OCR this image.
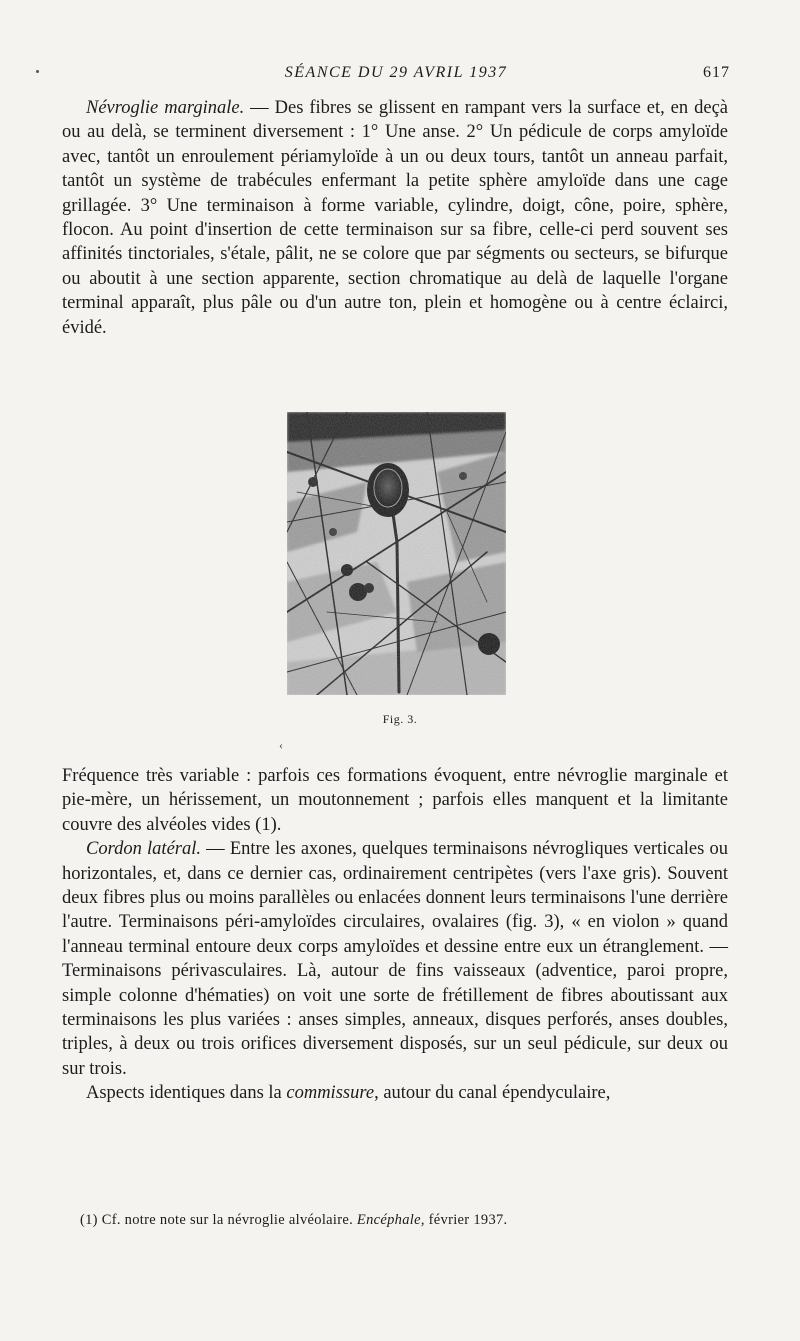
SÉANCE DU 29 AVRIL 1937	617

Névroglie marginale. — Des fibres se glissent en rampant vers la surface et, en deçà ou au delà, se terminent diversement : 1° Une anse. 2° Un pédicule de corps amyloïde avec, tantôt un enroulement périamyloïde à un ou deux tours, tantôt un anneau parfait, tantôt un système de trabécules enfermant la petite sphère amyloïde dans une cage grillagée. 3° Une terminaison à forme variable, cylindre, doigt, cône, poire, sphère, flocon. Au point d'insertion de cette terminaison sur sa fibre, celle-ci perd souvent ses affinités tinctoriales, s'étale, pâlit, ne se colore que par ségments ou secteurs, se bifurque ou aboutit à une section apparente, section chromatique au delà de laquelle l'organe terminal apparaît, plus pâle ou d'un autre ton, plein et homogène ou à centre éclairci, évidé.

Fig. 3.
‹

Fréquence très variable : parfois ces formations évoquent, entre névroglie marginale et pie-mère, un hérissement, un moutonnement ; parfois elles manquent et la limitante couvre des alvéoles vides (1).

Cordon latéral. — Entre les axones, quelques terminaisons névrogliques verticales ou horizontales, et, dans ce dernier cas, ordinairement centripètes (vers l'axe gris). Souvent deux fibres plus ou moins parallèles ou enlacées donnent leurs terminaisons l'une derrière l'autre. Terminaisons péri-amyloïdes circulaires, ovalaires (fig. 3), « en violon » quand l'anneau terminal entoure deux corps amyloïdes et dessine entre eux un étranglement. — Terminaisons périvasculaires. Là, autour de fins vaisseaux (adventice, paroi propre, simple colonne d'hématies) on voit une sorte de frétillement de fibres aboutissant aux terminaisons les plus variées : anses simples, anneaux, disques perforés, anses doubles, triples, à deux ou trois orifices diversement disposés, sur un seul pédicule, sur deux ou sur trois.

Aspects identiques dans la commissure, autour du canal épendyculaire,

(1) Cf. notre note sur la névroglie alvéolaire. Encéphale, février 1937.
